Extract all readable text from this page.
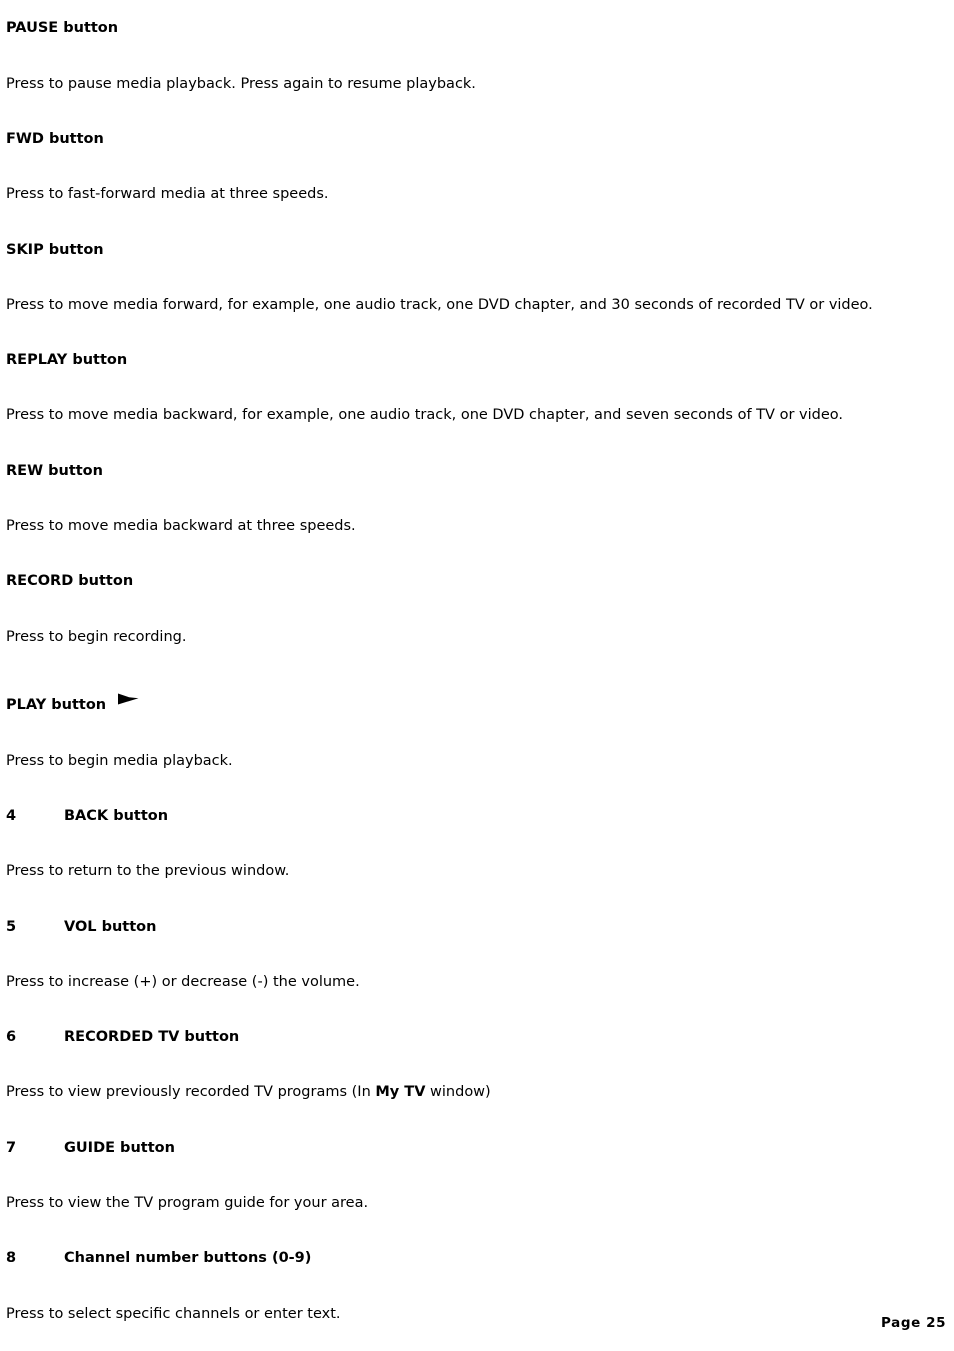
PAUSE button
Press to pause media playback. Press again to resume playback.
FWD button
Press to fast-forward media at three speeds.
SKIP button
Press to move media forward, for example, one audio track, one DVD chapter, and 30 seconds of recorded TV or video.
REPLAY button
Press to move media backward, for example, one audio track, one DVD chapter, and seven seconds of TV or video.
REW button
Press to move media backward at three speeds.
RECORD button
Press to begin recording.
PLAY button
Press to begin media playback.
4	BACK button
Press to return to the previous window.
5	VOL button
Press to increase (+) or decrease (-) the volume.
6	RECORDED TV button
Press to view previously recorded TV programs (In My TV window)
7	GUIDE button
Press to view the TV program guide for your area.
8	Channel number buttons (0-9)
Press to select specific channels or enter text.
Page 25
